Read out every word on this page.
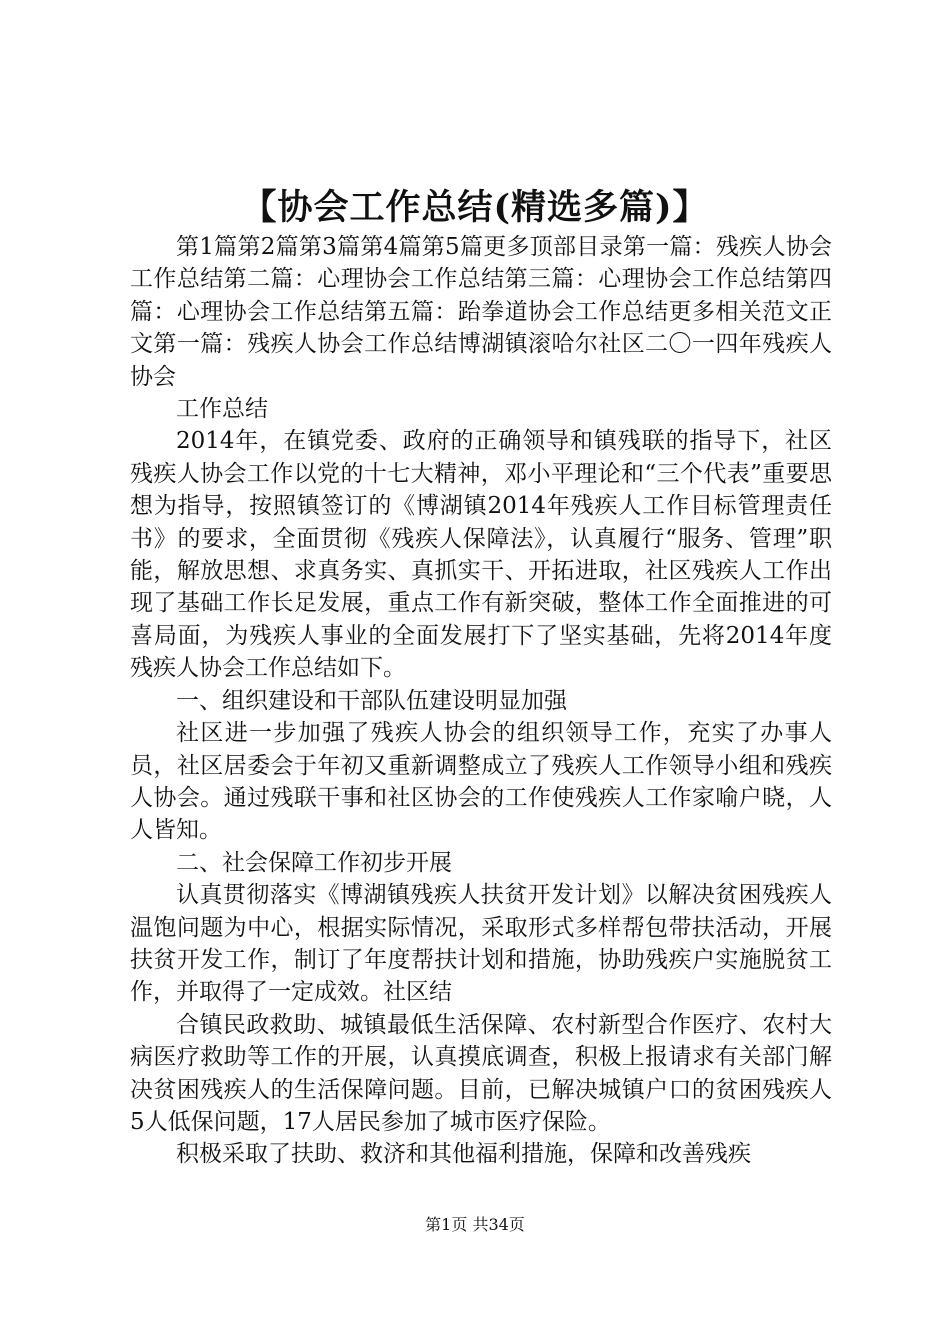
【协会工作总结(精选多篇)】

第1篇第2篇第3篇第4篇第5篇更多顶部目录第一篇：残疾人协会工作总结第二篇：心理协会工作总结第三篇：心理协会工作总结第四篇：心理协会工作总结第五篇：跆拳道协会工作总结更多相关范文正文第一篇：残疾人协会工作总结博湖镇滚哈尔社区二〇一四年残疾人协会

工作总结

2014年，在镇党委、政府的正确领导和镇残联的指导下，社区残疾人协会工作以党的十七大精神，邓小平理论和“三个代表”重要思想为指导，按照镇签订的《博湖镇2014年残疾人工作目标管理责任书》的要求，全面贯彻《残疾人保障法》，认真履行“服务、管理”职能，解放思想、求真务实、真抓实干、开拓进取，社区残疾人工作出现了基础工作长足发展，重点工作有新突破，整体工作全面推进的可喜局面，为残疾人事业的全面发展打下了坚实基础，先将2014年度残疾人协会工作总结如下。

一、组织建设和干部队伍建设明显加强

社区进一步加强了残疾人协会的组织领导工作，充实了办事人员，社区居委会于年初又重新调整成立了残疾人工作领导小组和残疾人协会。通过残联干事和社区协会的工作使残疾人工作家喻户晓，人人皆知。

二、社会保障工作初步开展

认真贯彻落实《博湖镇残疾人扶贫开发计划》以解决贫困残疾人温饱问题为中心，根据实际情况，采取形式多样帮包带扶活动，开展扶贫开发工作，制订了年度帮扶计划和措施，协助残疾户实施脱贫工作，并取得了一定成效。社区结

合镇民政救助、城镇最低生活保障、农村新型合作医疗、农村大病医疗救助等工作的开展，认真摸底调查，积极上报请求有关部门解决贫困残疾人的生活保障问题。目前，已解决城镇户口的贫困残疾人5人低保问题，17人居民参加了城市医疗保险。

积极采取了扶助、救济和其他福利措施，保障和改善残疾

第1页 共34页
